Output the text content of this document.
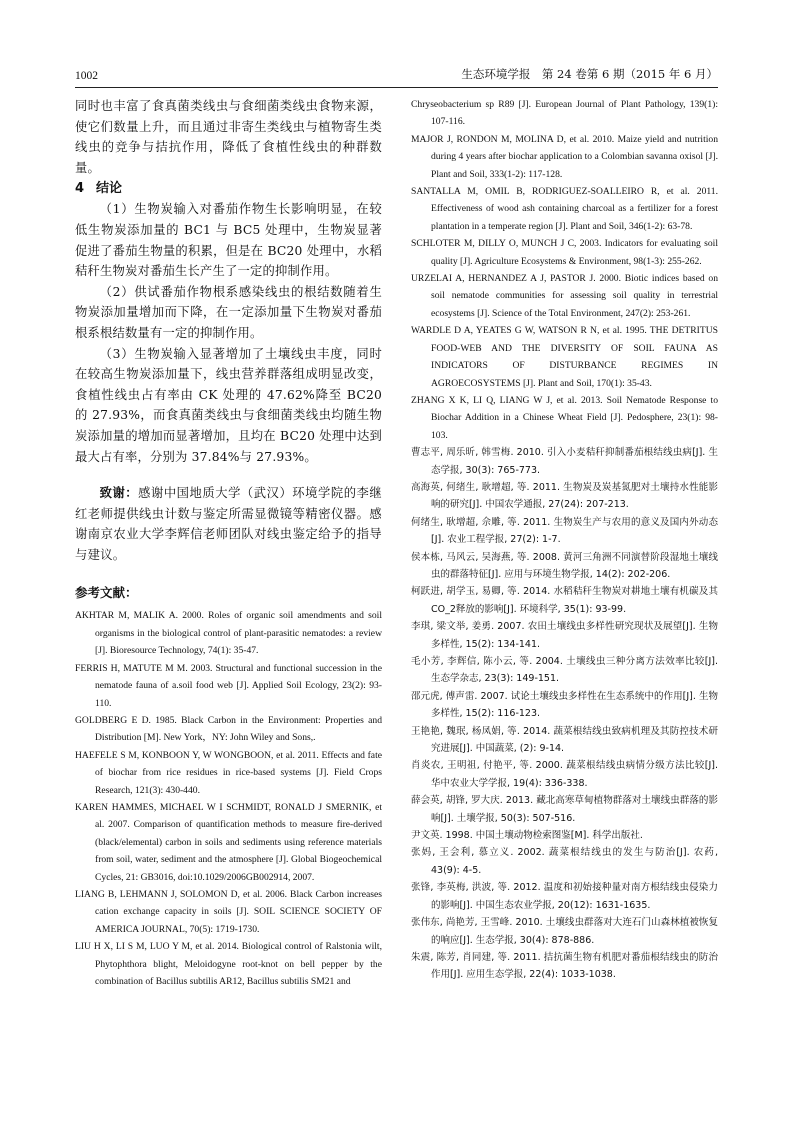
1002	生态环境学报　第 24 卷第 6 期（2015 年 6 月）

同时也丰富了食真菌类线虫与食细菌类线虫食物来源，使它们数量上升，而且通过非寄生类线虫与植物寄生类线虫的竞争与拮抗作用，降低了食植性线虫的种群数量。

4 结论

（1）生物炭输入对番茄作物生长影响明显，在较低生物炭添加量的 BC1 与 BC5 处理中，生物炭显著促进了番茄生物量的积累，但是在 BC20 处理中，水稻秸秆生物炭对番茄生长产生了一定的抑制作用。

（2）供试番茄作物根系感染线虫的根结数随着生物炭添加量增加而下降，在一定添加量下生物炭对番茄根系根结数量有一定的抑制作用。

（3）生物炭输入显著增加了土壤线虫丰度，同时在较高生物炭添加量下，线虫营养群落组成明显改变，食植性线虫占有率由 CK 处理的 47.62%降至 BC20 的 27.93%，而食真菌类线虫与食细菌类线虫均随生物炭添加量的增加而显著增加，且均在 BC20 处理中达到最大占有率，分别为 37.84%与 27.93%。

致谢：感谢中国地质大学（武汉）环境学院的李继红老师提供线虫计数与鉴定所需显微镜等精密仪器。感谢南京农业大学李辉信老师团队对线虫鉴定给予的指导与建议。

参考文献：

AKHTAR M, MALIK A. 2000. Roles of organic soil amendments and soil organisms in the biological control of plant-parasitic nematodes: a review [J]. Bioresource Technology, 74(1): 35-47.

FERRIS H, MATUTE M M. 2003. Structural and functional succession in the nematode fauna of a.soil food web [J]. Applied Soil Ecology, 23(2): 93-110.

GOLDBERG E D. 1985. Black Carbon in the Environment: Properties and Distribution [M]. New York，NY: John Wiley and Sons,.

HAEFELE S M, KONBOON Y, W WONGBOON, et al. 2011. Effects and fate of biochar from rice residues in rice-based systems [J]. Field Crops Research, 121(3): 430-440.

KAREN HAMMES, MICHAEL W I SCHMIDT, RONALD J SMERNIK, et al. 2007. Comparison of quantification methods to measure fire-derived (black/elemental) carbon in soils and sediments using reference materials from soil, water, sediment and the atmosphere [J]. Global Biogeochemical Cycles, 21: GB3016, doi:10.1029/2006GB002914, 2007.

LIANG B, LEHMANN J, SOLOMON D, et al. 2006. Black Carbon increases cation exchange capacity in soils [J]. SOIL SCIENCE SOCIETY OF AMERICA JOURNAL, 70(5): 1719-1730.

LIU H X, LI S M, LUO Y M, et al. 2014. Biological control of Ralstonia wilt, Phytophthora blight, Meloidogyne root-knot on bell pepper by the combination of Bacillus subtilis AR12, Bacillus subtilis SM21 and

Chryseobacterium sp R89 [J]. European Journal of Plant Pathology, 139(1): 107-116.

MAJOR J, RONDON M, MOLINA D, et al. 2010. Maize yield and nutrition during 4 years after biochar application to a Colombian savanna oxisol [J]. Plant and Soil, 333(1-2): 117-128.

SANTALLA M, OMIL B, RODRIGUEZ-SOALLEIRO R, et al. 2011. Effectiveness of wood ash containing charcoal as a fertilizer for a forest plantation in a temperate region [J]. Plant and Soil, 346(1-2): 63-78.

SCHLOTER M, DILLY O, MUNCH J C, 2003. Indicators for evaluating soil quality [J]. Agriculture Ecosystems & Environment, 98(1-3): 255-262.

URZELAI A, HERNANDEZ A J, PASTOR J. 2000. Biotic indices based on soil nematode communities for assessing soil quality in terrestrial ecosystems [J]. Science of the Total Environment, 247(2): 253-261.

WARDLE D A, YEATES G W, WATSON R N, et al. 1995. THE DETRITUS FOOD-WEB AND THE DIVERSITY OF SOIL FAUNA AS INDICATORS OF DISTURBANCE REGIMES IN AGROECOSYSTEMS [J]. Plant and Soil, 170(1): 35-43.

ZHANG X K, LI Q, LIANG W J, et al. 2013. Soil Nematode Response to Biochar Addition in a Chinese Wheat Field [J]. Pedosphere, 23(1): 98-103.

曹志平, 周乐昕, 韩雪梅. 2010. 引入小麦秸秆抑制番茄根结线虫病[J]. 生态学报, 30(3): 765-773.

高海英, 何绪生, 耿增超, 等. 2011. 生物炭及炭基氮肥对土壤持水性能影响的研究[J]. 中国农学通报, 27(24): 207-213.

何绪生, 耿增超, 佘雕, 等. 2011. 生物炭生产与农用的意义及国内外动态[J]. 农业工程学报, 27(2): 1-7.

侯本栋, 马风云, 吴海燕, 等. 2008. 黄河三角洲不同演替阶段湿地土壤线虫的群落特征[J]. 应用与环境生物学报, 14(2): 202-206.

柯跃进, 胡学玉, 易卿, 等. 2014. 水稻秸秆生物炭对耕地土壤有机碳及其CO_2释放的影响[J]. 环境科学, 35(1): 93-99.

李琪, 梁文举, 姜勇. 2007. 农田土壤线虫多样性研究现状及展望[J]. 生物多样性, 15(2): 134-141.

毛小芳, 李辉信, 陈小云, 等. 2004. 土壤线虫三种分离方法效率比较[J]. 生态学杂志, 23(3): 149-151.

邵元虎, 傅声雷. 2007. 试论土壤线虫多样性在生态系统中的作用[J]. 生物多样性, 15(2): 116-123.

王艳艳, 魏珉, 杨凤娟, 等. 2014. 蔬菜根结线虫致病机理及其防控技术研究进展[J]. 中国蔬菜, (2): 9-14.

肖炎农, 王明祖, 付艳平, 等. 2000. 蔬菜根结线虫病情分级方法比较[J]. 华中农业大学学报, 19(4): 336-338.

薛会英, 胡锋, 罗大庆. 2013. 藏北高寒草甸植物群落对土壤线虫群落的影响[J]. 土壤学报, 50(3): 507-516.

尹文英. 1998. 中国土壤动物检索图鉴[M]. 科学出版社.

张妈, 王会利, 慕立义. 2002. 蔬菜根结线虫的发生与防治[J]. 农药, 43(9): 4-5.

张锋, 李英梅, 洪波, 等. 2012. 温度和初始接种量对南方根结线虫侵染力的影响[J]. 中国生态农业学报, 20(12): 1631-1635.

张伟东, 尚艳芳, 王雪峰. 2010. 土壤线虫群落对大连石门山森林植被恢复的响应[J]. 生态学报, 30(4): 878-886.

朱震, 陈芳, 肖同建, 等. 2011. 拮抗菌生物有机肥对番茄根结线虫的防治作用[J]. 应用生态学报, 22(4): 1033-1038.
